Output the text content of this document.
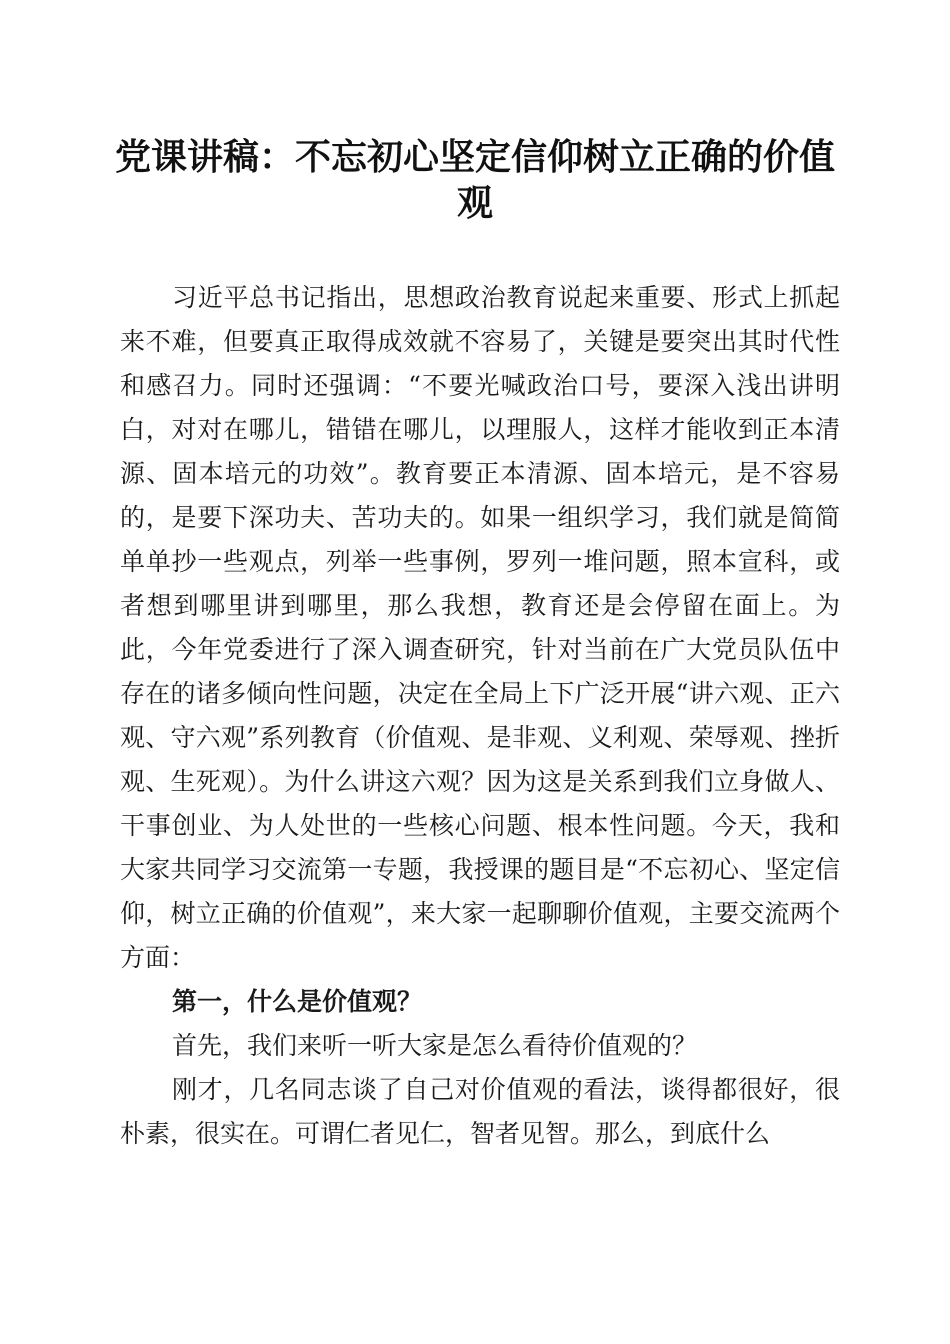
党课讲稿：不忘初心坚定信仰树立正确的价值观

习近平总书记指出，思想政治教育说起来重要、形式上抓起来不难，但要真正取得成效就不容易了，关键是要突出其时代性和感召力。同时还强调：“不要光喊政治口号，要深入浅出讲明白，对对在哪儿，错错在哪儿，以理服人，这样才能收到正本清源、固本培元的功效”。教育要正本清源、固本培元，是不容易的，是要下深功夫、苦功夫的。如果一组织学习，我们就是简简单单抄一些观点，列举一些事例，罗列一堆问题，照本宣科，或者想到哪里讲到哪里，那么我想，教育还是会停留在面上。为此，今年党委进行了深入调查研究，针对当前在广大党员队伍中存在的诸多倾向性问题，决定在全局上下广泛开展“讲六观、正六观、守六观”系列教育（价值观、是非观、义利观、荣辱观、挫折观、生死观）。为什么讲这六观？因为这是关系到我们立身做人、干事创业、为人处世的一些核心问题、根本性问题。今天，我和大家共同学习交流第一专题，我授课的题目是“不忘初心、坚定信仰，树立正确的价值观”，来大家一起聊聊价值观，主要交流两个方面：

第一，什么是价值观？

首先，我们来听一听大家是怎么看待价值观的？

刚才，几名同志谈了自己对价值观的看法，谈得都很好，很朴素，很实在。可谓仁者见仁，智者见智。那么，到底什么
